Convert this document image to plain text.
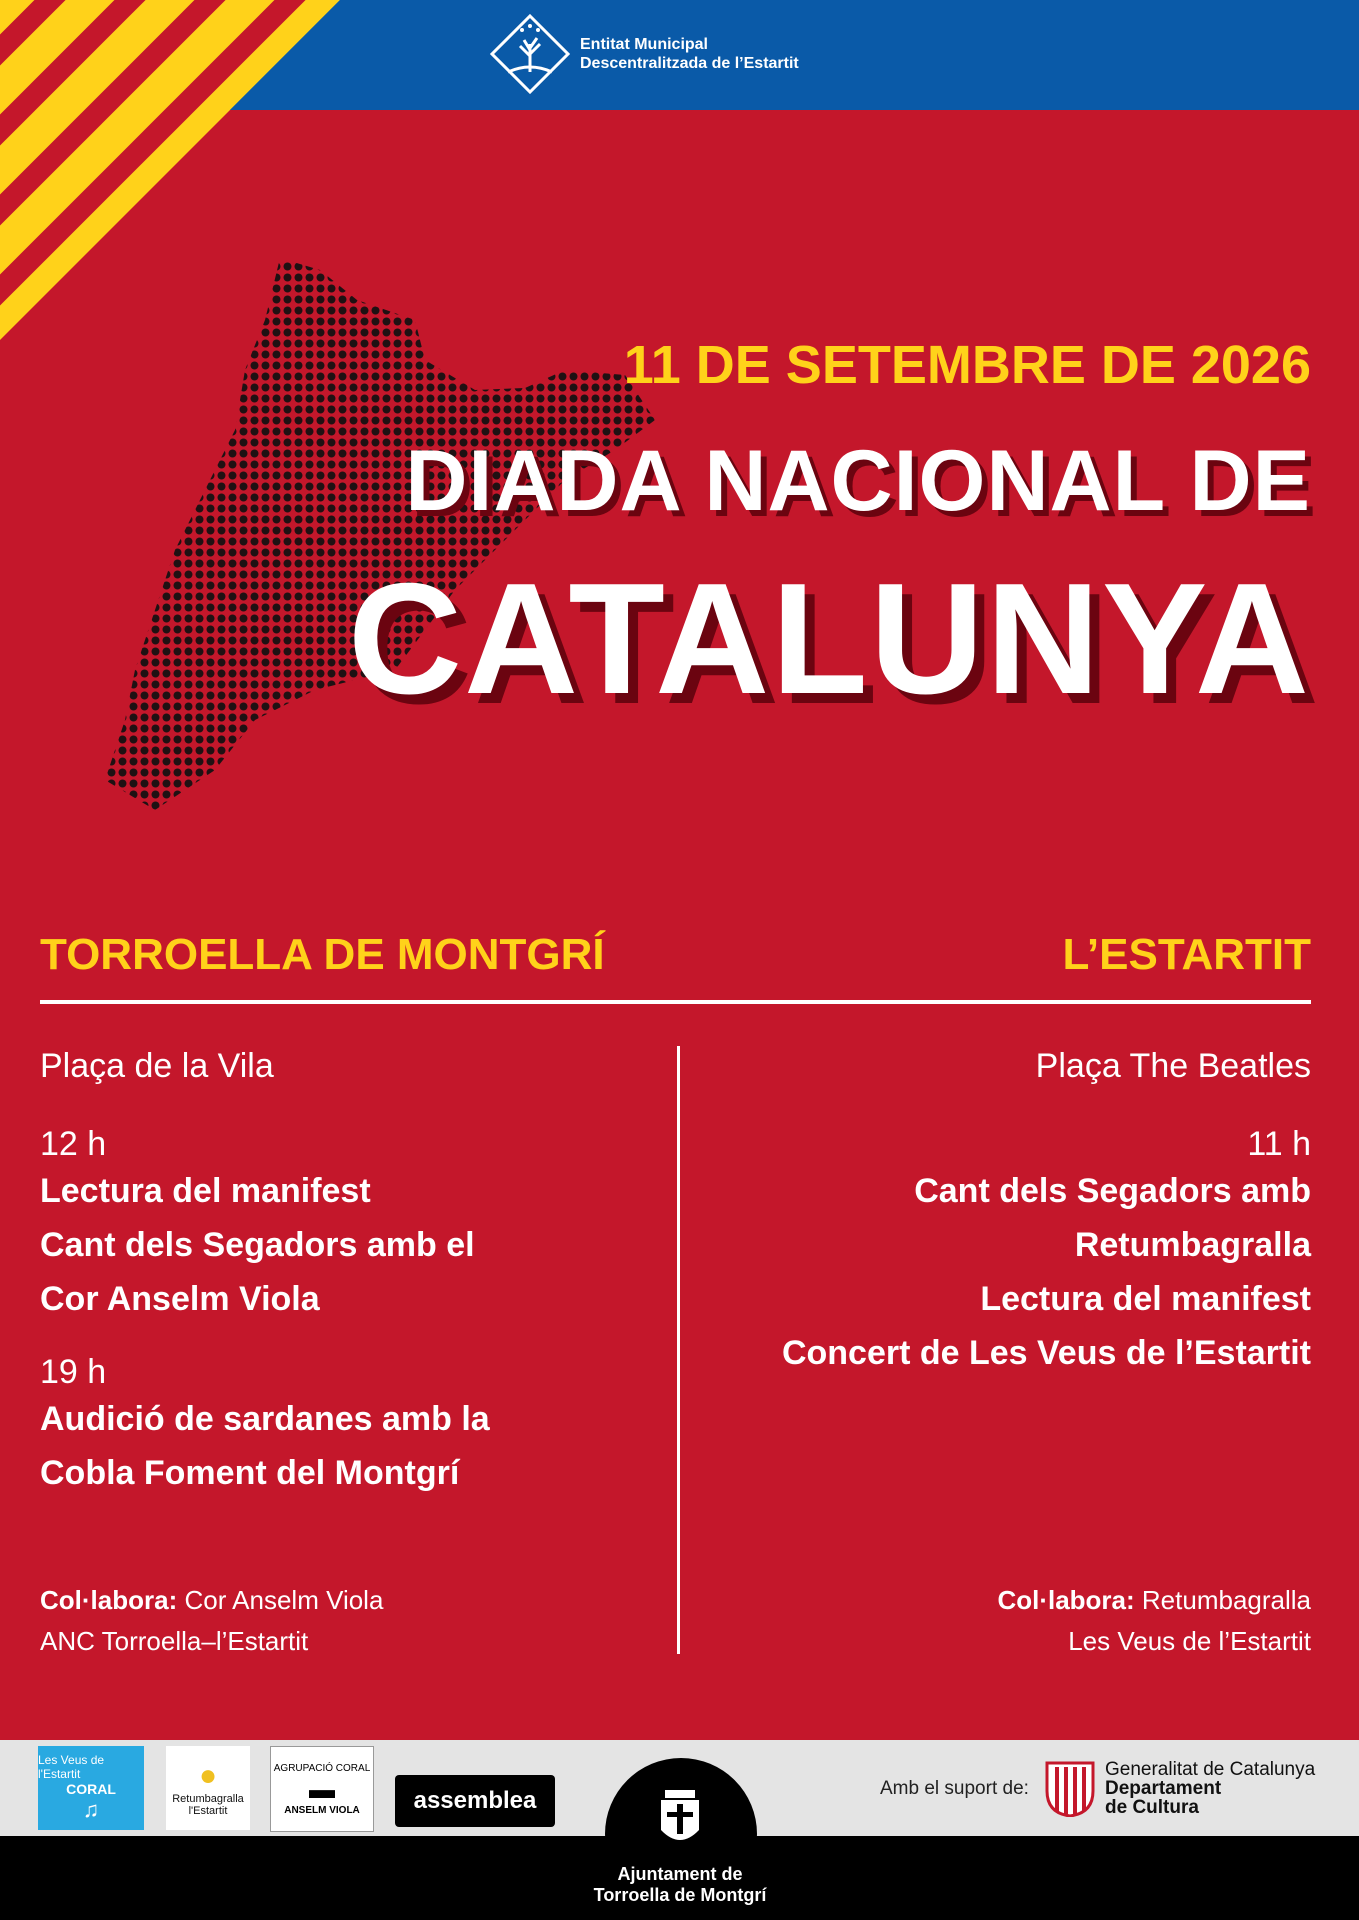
Entitat Municipal
Descentralitzada de l’Estartit
11 DE SETEMBRE DE 2026
DIADA NACIONAL DE
CATALUNYA
TORROELLA DE MONTGRÍ	L’ESTARTIT
Plaça de la Vila
12 h
Lectura del manifest
Cant dels Segadors amb el
Cor Anselm Viola
19 h
Audició de sardanes amb la
Cobla Foment del Montgrí
Plaça The Beatles
11 h
Cant dels Segadors amb
Retumbagralla
Lectura del manifest
Concert de Les Veus de l’Estartit
Col·labora: Cor Anselm Viola
ANC Torroella–l’Estartit
Col·labora: Retumbagralla
Les Veus de l’Estartit
Les Veus de l'Estartit
CORAL
♫
●
Retumbagralla l'Estartit
AGRUPACIÓ CORAL
▬
ANSELM VIOLA	assemblea
Ajuntament de
Torroella de Montgrí
Amb el suport de:
Generalitat de Catalunya
Departament
de Cultura
